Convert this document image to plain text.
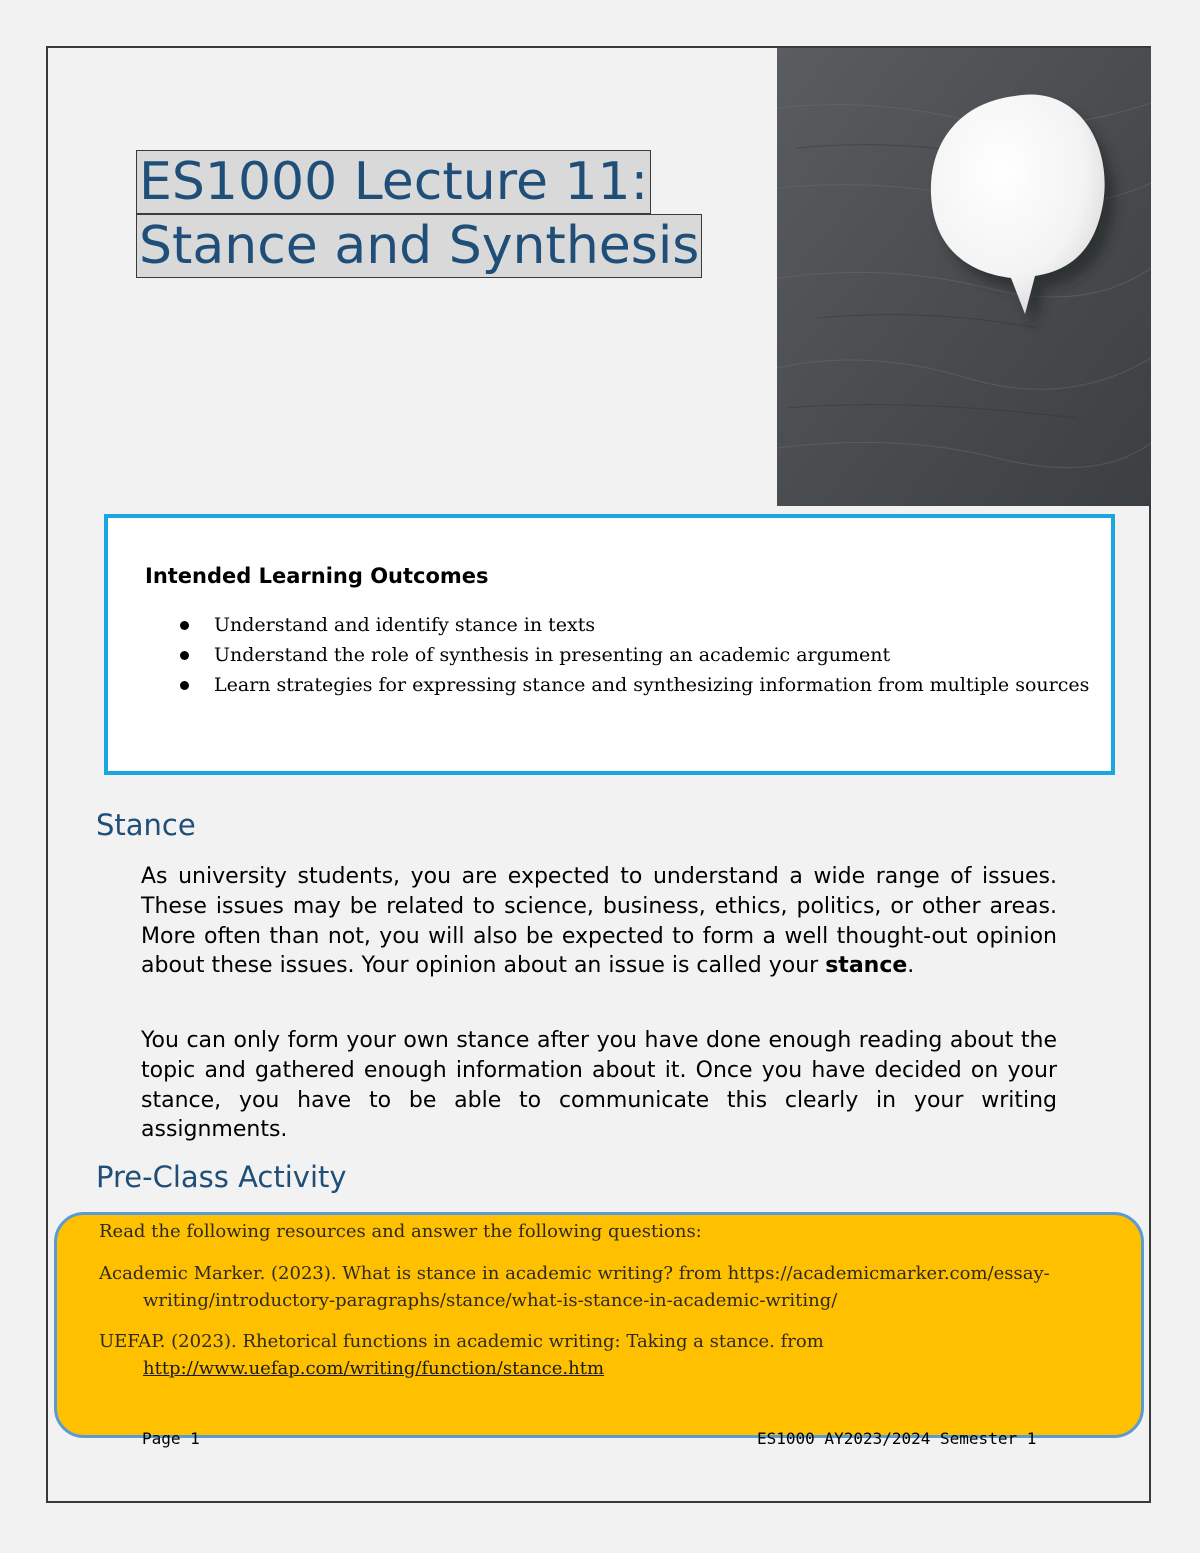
ES1000 Lecture 11:
Stance and Synthesis
Intended Learning Outcomes
Understand and identify stance in texts
Understand the role of synthesis in presenting an academic argument
Learn strategies for expressing stance and synthesizing information from multiple sources
Stance

As university students, you are expected to understand a wide range of issues. These issues may be related to science, business, ethics, politics, or other areas. More often than not, you will also be expected to form a well thought-out opinion about these issues. Your opinion about an issue is called your stance.

You can only form your own stance after you have done enough reading about the topic and gathered enough information about it. Once you have decided on your stance, you have to be able to communicate this clearly in your writing assignments.

Pre-Class Activity
Read the following resources and answer the following questions:
Academic Marker. (2023). What is stance in academic writing? from https://academicmarker.com/essay-
writing/introductory-paragraphs/stance/what-is-stance-in-academic-writing/
UEFAP. (2023). Rhetorical functions in academic writing: Taking a stance. from
http://www.uefap.com/writing/function/stance.htm
Page 1	ES1000 AY2023/2024 Semester 1
